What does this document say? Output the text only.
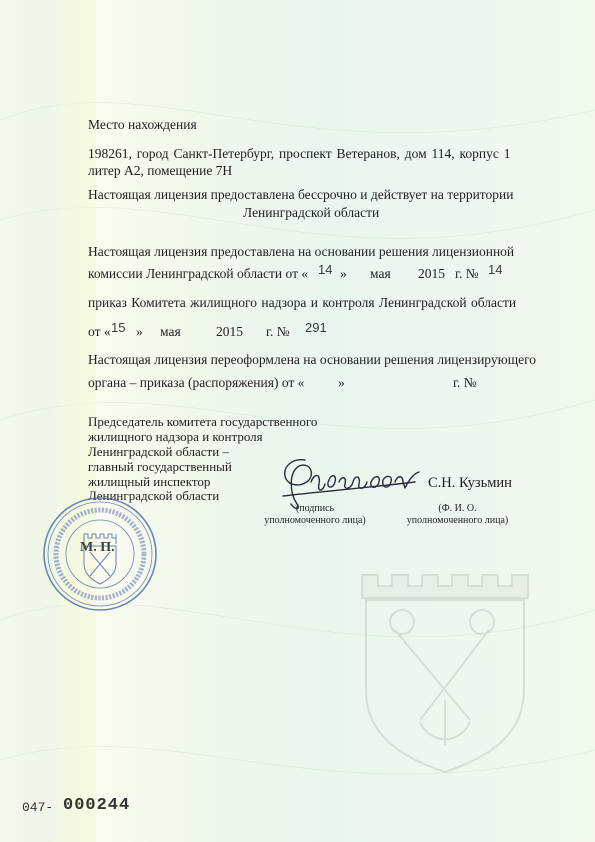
Место нахождения
198261, город Санкт-Петербург, проспект Ветеранов, дом 114, корпус 1
литер А2, помещение 7Н
Настоящая лицензия предоставлена бессрочно и действует на территории
Ленинградской области
Настоящая лицензия предоставлена на основании решения лицензионной
комиссии Ленинградской области от « 14 » мая 2015 г. № 14
приказ Комитета жилищного надзора и контроля Ленинградской области
от « 15 » мая	2015 г. № 291
Настоящая лицензия переоформлена на основании решения лицензирующего
органа – приказа (распоряжения) от « »	г. №
Председатель комитета государственного
жилищного надзора и контроля
Ленинградской области –
главный государственный
жилищный инспектор
Ленинградской области
С.Н. Кузьмин
(подпись
уполномоченного лица)
(Ф. И. О.
уполномоченного лица)
М. П.
047- 000244
